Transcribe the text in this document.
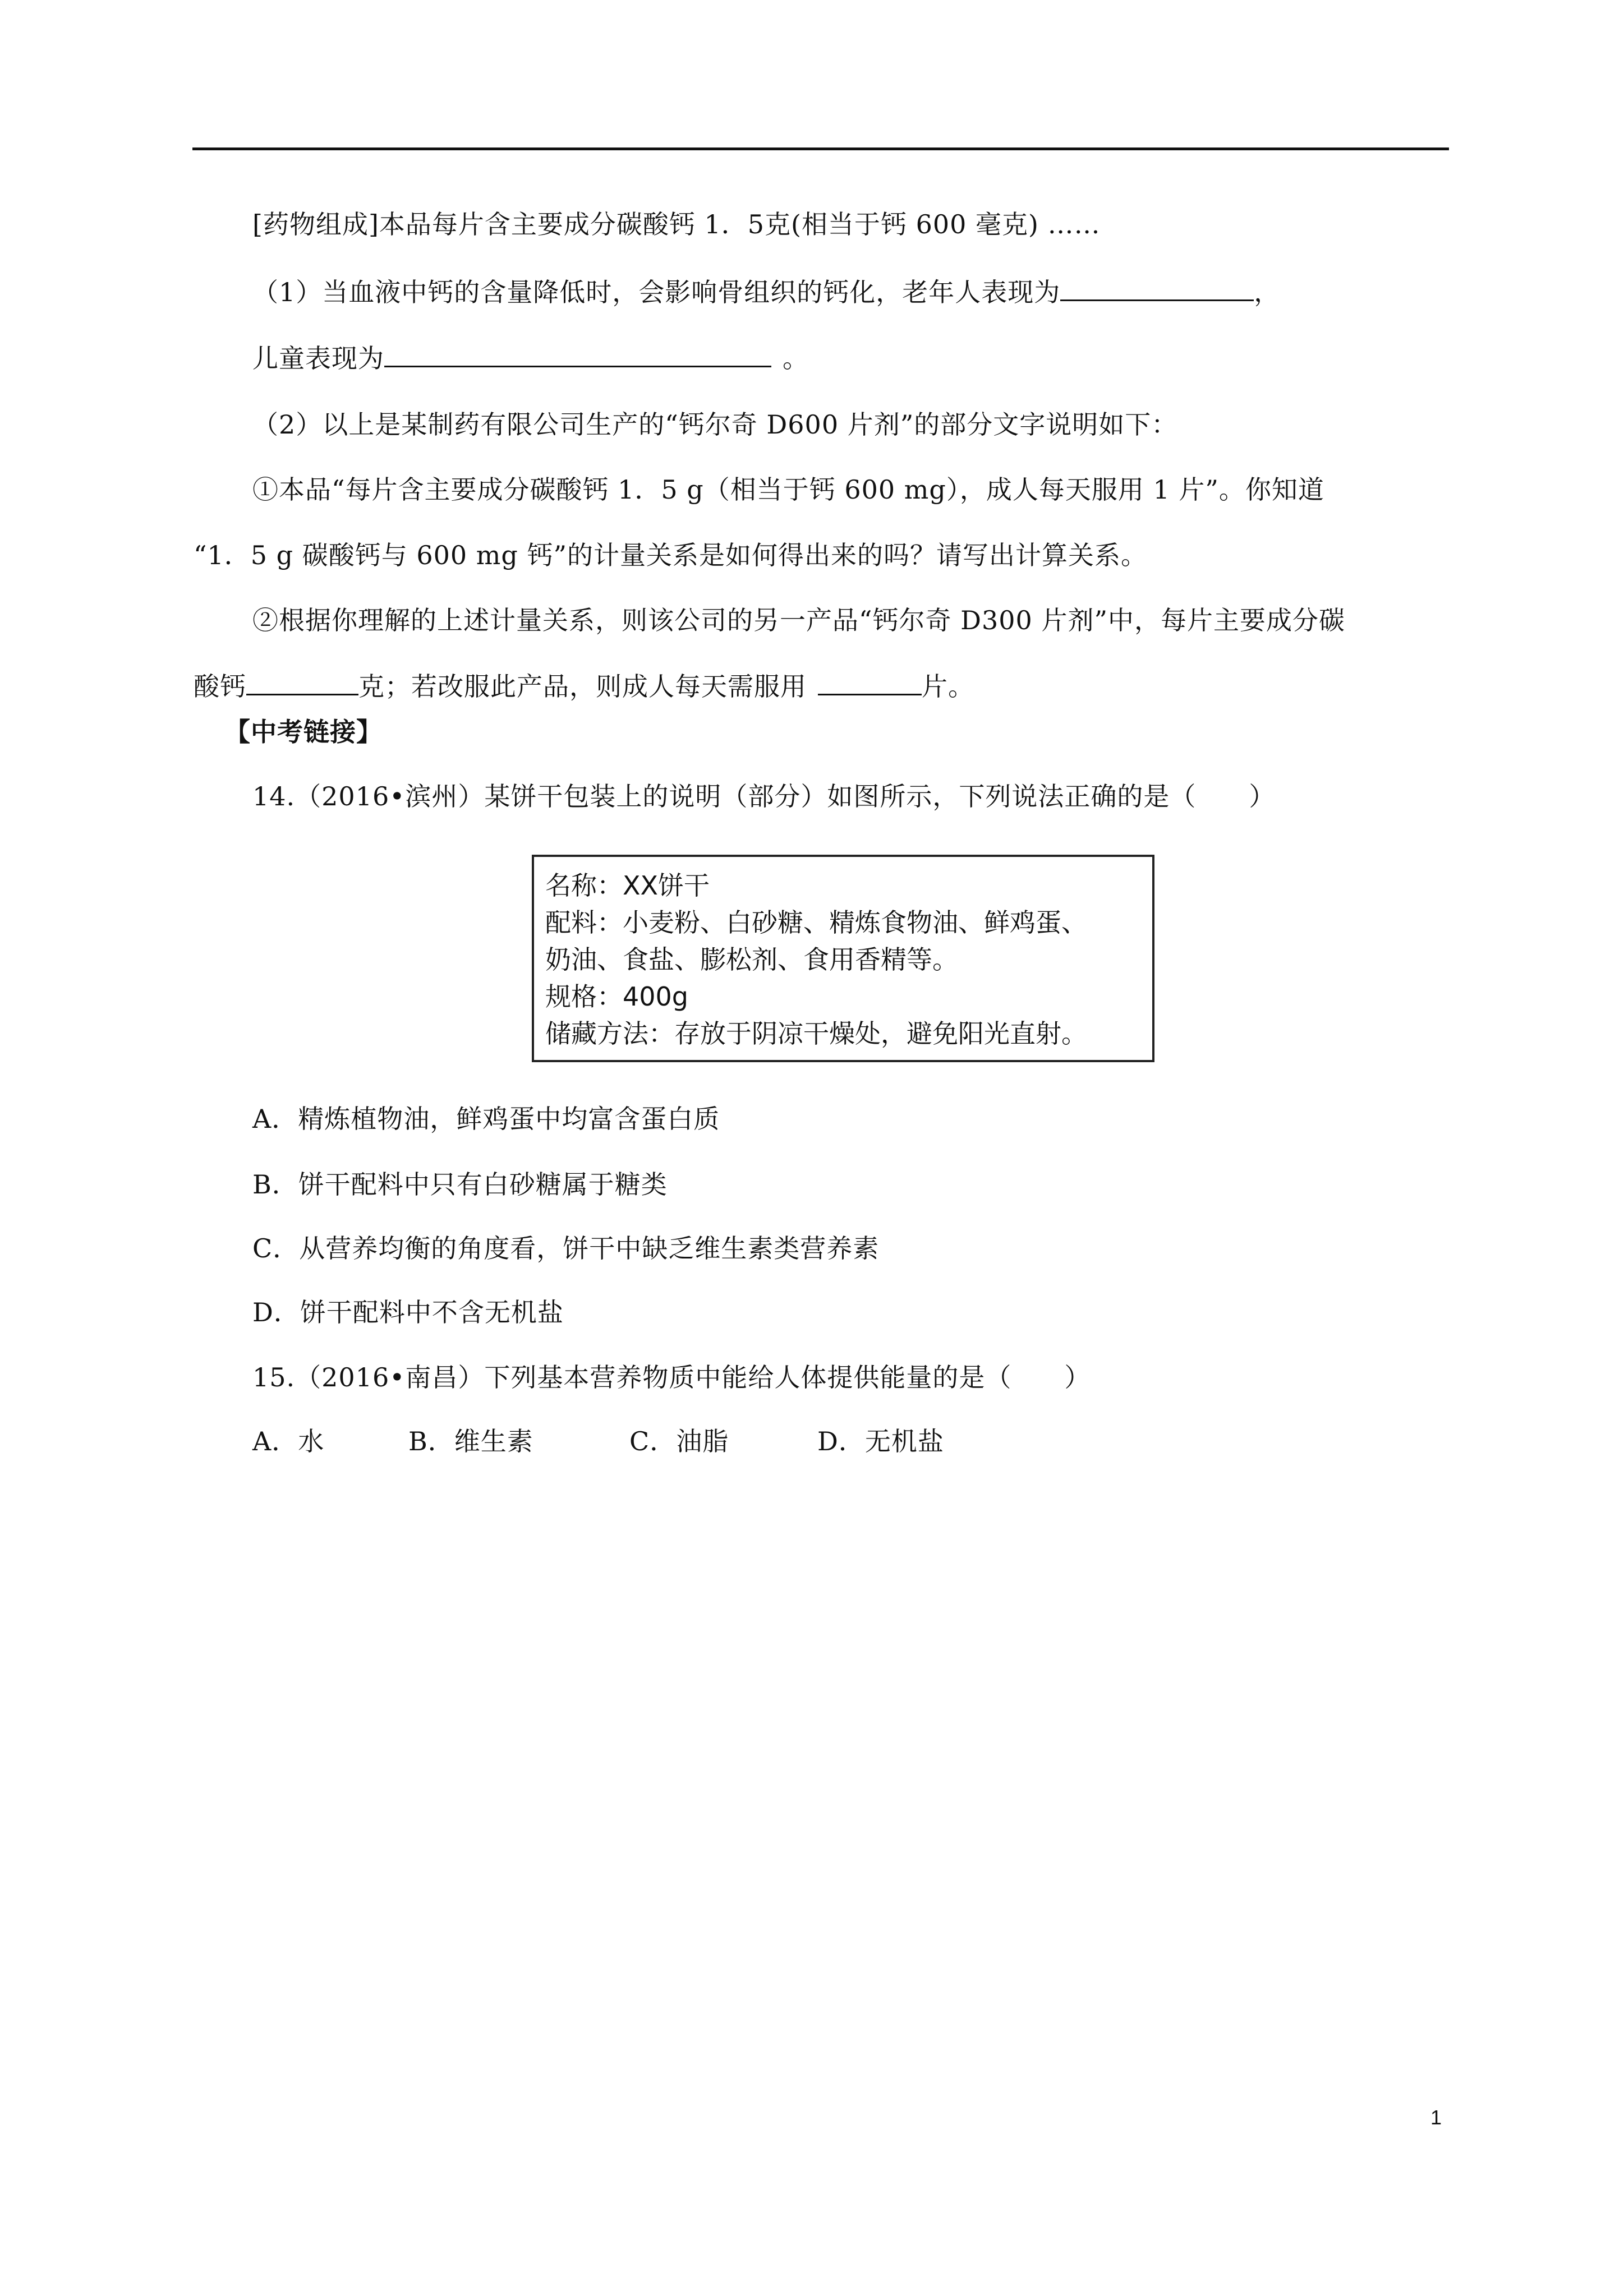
[药物组成]本品每片含主要成分碳酸钙 1．5克(相当于钙 600 毫克) ……
（1）当血液中钙的含量降低时，会影响骨组织的钙化，老年人表现为	，
儿童表现为	。
（2）以上是某制药有限公司生产的“钙尔奇 D600 片剂”的部分文字说明如下：
①本品“每片含主要成分碳酸钙 1．5 g（相当于钙 600 mg），成人每天服用 1 片”。你知道
“1．5 g 碳酸钙与 600 mg 钙”的计量关系是如何得出来的吗？请写出计算关系。
②根据你理解的上述计量关系，则该公司的另一产品“钙尔奇 D300 片剂”中，每片主要成分碳
酸钙	克；若改服此产品，则成人每天需服用	片。
【中考链接】
14.（2016•滨州）某饼干包装上的说明（部分）如图所示，下列说法正确的是（　　）
名称：XX饼干
配料：小麦粉、白砂糖、精炼食物油、鲜鸡蛋、
奶油、食盐、膨松剂、食用香精等。
规格：400g
储藏方法：存放于阴凉干燥处，避免阳光直射。
A．精炼植物油，鲜鸡蛋中均富含蛋白质
B．饼干配料中只有白砂糖属于糖类
C．从营养均衡的角度看，饼干中缺乏维生素类营养素
D．饼干配料中不含无机盐
15.（2016•南昌）下列基本营养物质中能给人体提供能量的是（　　）
A．水	B．维生素	C．油脂	D．无机盐
1
